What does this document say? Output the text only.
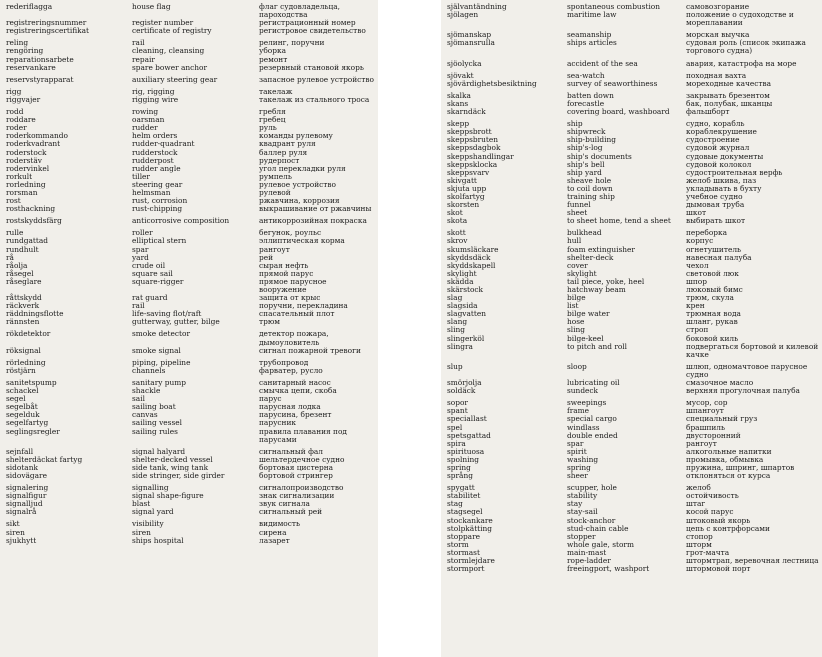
rederiflagga	house flag	флаг судовладельца, пароходства
registreringsnummer	register number	регистрационный номер
registreringscertifikat	certificate of registry	регистровое свидетельство
reling	rail	релинг, поручни
rengöring	cleaning, cleansing	уборка
reparationsarbete	repair	ремонт
reservankare	spare bower anchor	резервный становой якорь
reservstyrapparat	auxiliary steering gear	запасное рулевое устройство
rigg	rig, rigging	такелаж
riggvajer	rigging wire	такелаж из стального троса
rodd	rowing	гребля
roddare	oarsman	гребец
roder	rudder	руль
roderkommando	helm orders	команды рулевому
roderkvadrant	rudder-quadrant	квадрант руля
roderstock	rudderstock	баллер руля
roderstäv	rudderpost	рудерпост
rodervinkel	rudder angle	угол перекладки руля
rorkult	tiller	румпель
rorledning	steering gear	рулевое устройство
rorsman	helmsman	рулевой
rost	rust, corrosion	ржавчина, коррозия
rosthackning	rust-chipping	выкрашивание от ржавчины
rostskyddsfärg	anticorrosive composition	антикоррозийная покраска
rulle	roller	бегунок, роульс
rundgattad	elliptical stern	эллиптическая корма
rundhult	spar	рангоут
rå	yard	рей
råolja	crude oil	сырая нефть
råsegel	square sail	прямой парус
råseglare	square-rigger	прямое парусное вооружение
råttskydd	rat guard	защита от крыс
räckverk	rail	поручни, перекладина
räddningsflotte	life-saving flot/raft	спасательный плот
rännsten	gutterway, gutter, bilge	трюм
rökdetektor	smoke detector	детектор пожара, дымоуловитель
röksignal	smoke signal	сигнал пожарной тревоги
rörledning	piping, pipeline	трубопровод
röstjärn	channels	фарватер, русло
sanitetspump	sanitary pump	санитарный насос
schackel	shackle	смычка цепи, скоба
segel	sail	парус
segelbåt	sailing boat	парусная лодка
segelduk	canvas	парусина, брезент
segelfartyg	sailing vessel	парусник
seglingsregler	sailing rules	правила плавания под парусами
sejnfall	signal halyard	сигнальный фал
shelterdäckat fartyg	shelter-decked vessel	шельтердечное судно
sidotank	side tank, wing tank	бортовая цистерна
sidovägare	side stringer, side girder	бортовой стрингер
signalering	signalling	сигналопроизводство
signalfigur	signal shape-figure	знак сигнализации
signalljud	blast	звук сигнала
signalrå	signal yard	сигнальный рей
sikt	visibility	видимость
siren	siren	сирена
sjukhytt	ships hospital	лазарет
självantändning	spontaneous combustion	самовозгорание
sjölagen	maritime law	положение о судоходстве и мореплавании
sjömanskap	seamanship	морская выучка
sjömansrulla	ships articles	судовая роль (список экипажа торгового судна)
sjöolycka	accident of the sea	авария, катастрофа на море
sjövakt	sea-watch	походная вахта
sjövärdighetsbesiktning	survey of seaworthiness	мореходные качества
skalka	batten down	закрывать брезентом
skans	forecastle	бак, полубак, шканцы
skarndäck	covering board, washboard	фальшборт
skepp	ship	судно, корабль
skeppsbrott	shipwreck	кораблекрушение
skeppsbruten	ship-building	судостроение
skeppsdagbok	ship's-log	судовой журнал
skeppshandlingar	ship's documents	судовые документы
skeppsklocka	ship's bell	судовой колокол
skeppsvarv	ship yard	судостроительная верфь
skivgatt	sheave hole	желоб шкива, паз
skjuta upp	to coil down	укладывать в бухту
skolfartyg	training ship	учебное судно
skorsten	funnel	дымовая труба
skot	sheet	шкот
skota	to sheet home, tend a sheet	выбирать шкот
skott	bulkhead	переборка
skrov	hull	корпус
skumsläckare	foam extinguisher	огнетушитель
skyddsdäck	shelter-deck	навесная палуба
skyddskapell	cover	чехол
skylight	skylight	световой люк
skädda	tail piece, yoke, heel	шпор
skärstock	hatchway beam	люковый бимс
slag	bilge	трюм, скула
slagsida	list	крен
slagvatten	bilge water	трюмная вода
slang	hose	шланг, рукав
sling	sling	строп
slingerköl	bilge-keel	боковой киль
slingra	to pitch and roll	подвергаться бортовой и килевой качке
slup	sloop	шлюп, одномачтовое парусное судно
smörjolja	lubricating oil	смазочное масло
soldäck	sundeck	верхняя прогулочная палуба
sopor	sweepings	мусор, сор
spant	frame	шпангоут
speciallast	special cargo	специальный груз
spel	windlass	брашпиль
spetsgattad	double ended	двусторонний
spira	spar	рангоут
spirituosa	spirit	алкогольные напитки
spolning	washing	промывка, обмывка
spring	spring	пружина, шпринг, шпартов
språng	sheer	отклоняться от курса
spygatt	scupper, hole	желоб
stabilitet	stability	остойчивость
stag	stay	штаг
stagsegel	stay-sail	косой парус
stockankare	stock-anchor	штоковый якорь
stolpkätting	stud-chain cable	цепь с контрфорсами
stoppare	stopper	стопор
storm	whole gale, storm	шторм
stormast	main-mast	грот-мачта
stormlejdare	rope-ladder	штормтрап, веревочная лестница
stormport	freeingport, washport	штормовой порт
